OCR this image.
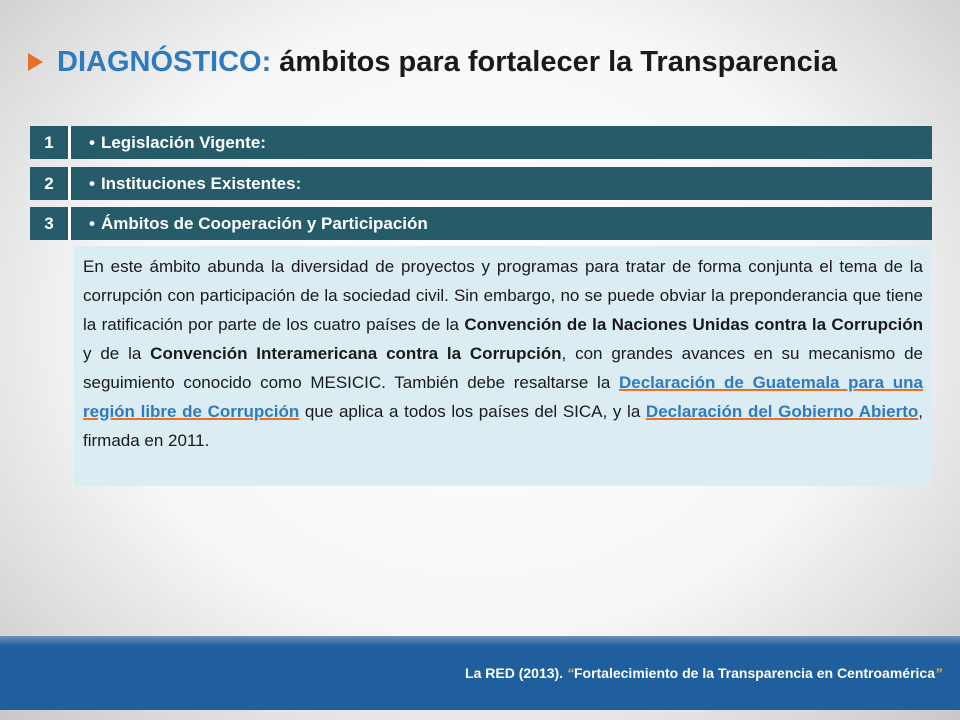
DIAGNÓSTICO: ámbitos para fortalecer la Transparencia
1	• Legislación Vigente:
2	• Instituciones Existentes:
3	• Ámbitos de Cooperación y Participación
En este ámbito abunda la diversidad de proyectos y programas para tratar de forma conjunta el tema de la corrupción con participación de la sociedad civil. Sin embargo, no se puede obviar la preponderancia que tiene la ratificación por parte de los cuatro países de la Convención de la Naciones Unidas contra la Corrupción y de la Convención Interamericana contra la Corrupción, con grandes avances en su mecanismo de seguimiento conocido como MESICIC. También debe resaltarse la Declaración de Guatemala para una región libre de Corrupción que aplica a todos los países del SICA, y la Declaración del Gobierno Abierto, firmada en 2011.
La RED (2013). “Fortalecimiento de la Transparencia en Centroamérica”
